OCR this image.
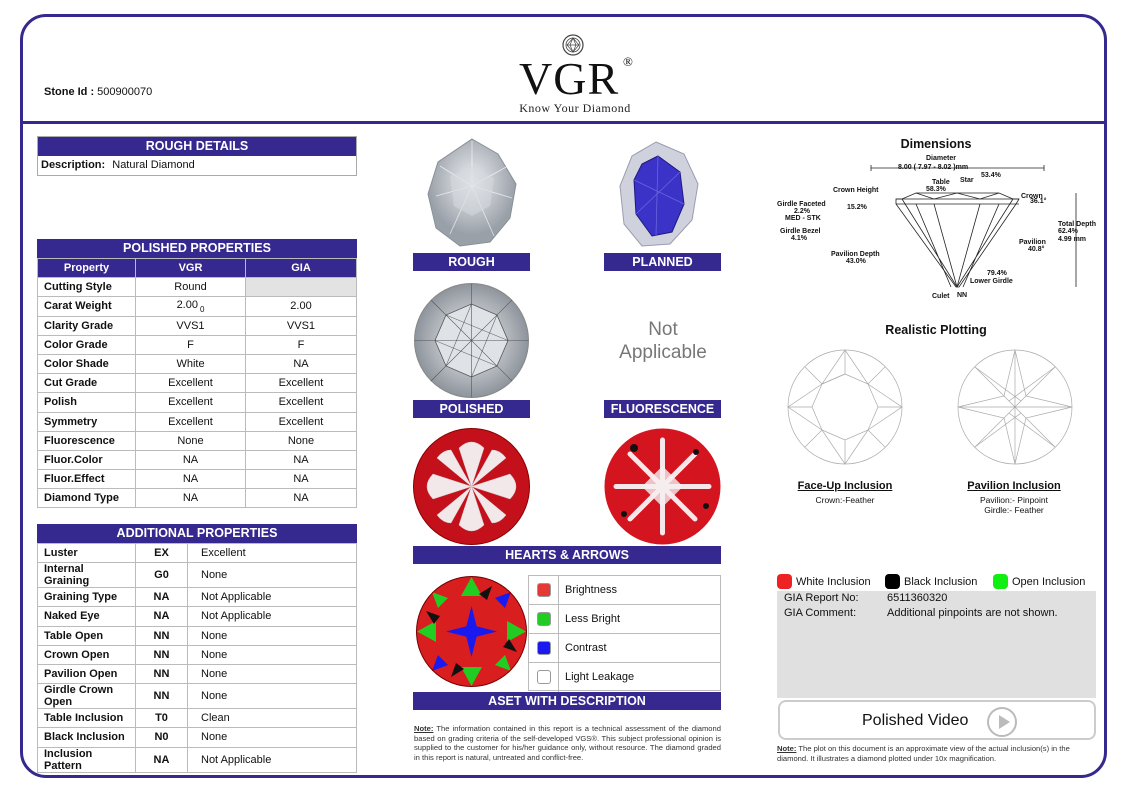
Stone Id : 500900070	VGR ®
Know Your Diamond
ROUGH DETAILS
Description: Natural Diamond
POLISHED PROPERTIES
Property	VGR	GIA
Cutting Style	Round	
Carat Weight	2.00 $_0$	2.00
Clarity Grade	VVS1	VVS1
Color Grade	F	F
Color Shade	White	NA
Cut Grade	Excellent	Excellent
Polish	Excellent	Excellent
Symmetry	Excellent	Excellent
Fluorescence	None	None
Fluor.Color	NA	NA
Fluor.Effect	NA	NA
Diamond Type	NA	NA
ADDITIONAL PROPERTIES
Luster	EX	Excellent
Internal Graining	G0	None
Graining Type	NA	Not Applicable
Naked Eye	NA	Not Applicable
Table Open	NN	None
Crown Open	NN	None
Pavilion Open	NN	None
Girdle Crown Open	NN	None
Table Inclusion	T0	Clean
Black Inclusion	N0	None
Inclusion Pattern	NA	Not Applicable
ROUGH	PLANNED
POLISHED
Not Applicable
FLUORESCENCE
HEARTS & ARROWS
Brightness
Less Bright
Contrast
Light Leakage
ASET WITH DESCRIPTION
Note: The information contained in this report is a technical assessment of the diamond based on grading criteria of the self-developed VGS®. This subject professional opinion is supplied to the customer for his/her guidance only, without resource. The diamond graded in this report is natural, untreated and conflict-free.
Dimensions
Diameter
8.00 ( 7.97 - 8.02 )mm
Star
53.4%
Table
58.3%
Crown Height
15.2%
Crown
36.1°
Girdle Faceted
2.2%
MED - STK
Girdle Bezel
4.1%
Total Depth
62.4%
4.99 mm
Pavilion
40.8°
Pavilion Depth
43.0%
79.4%
Lower Girdle
Culet NN
Realistic Plotting
Face-Up Inclusion
Crown:-Feather
Pavilion Inclusion
Pavilion:- Pinpoint
Girdle:- Feather
White Inclusion	Black Inclusion	Open Inclusion
GIA Report No:	6511360320
GIA Comment:	Additional pinpoints are not shown.
Polished Video
Note: The plot on this document is an approximate view of the actual inclusion(s) in the diamond. It illustrates a diamond plotted under 10x magnification.
